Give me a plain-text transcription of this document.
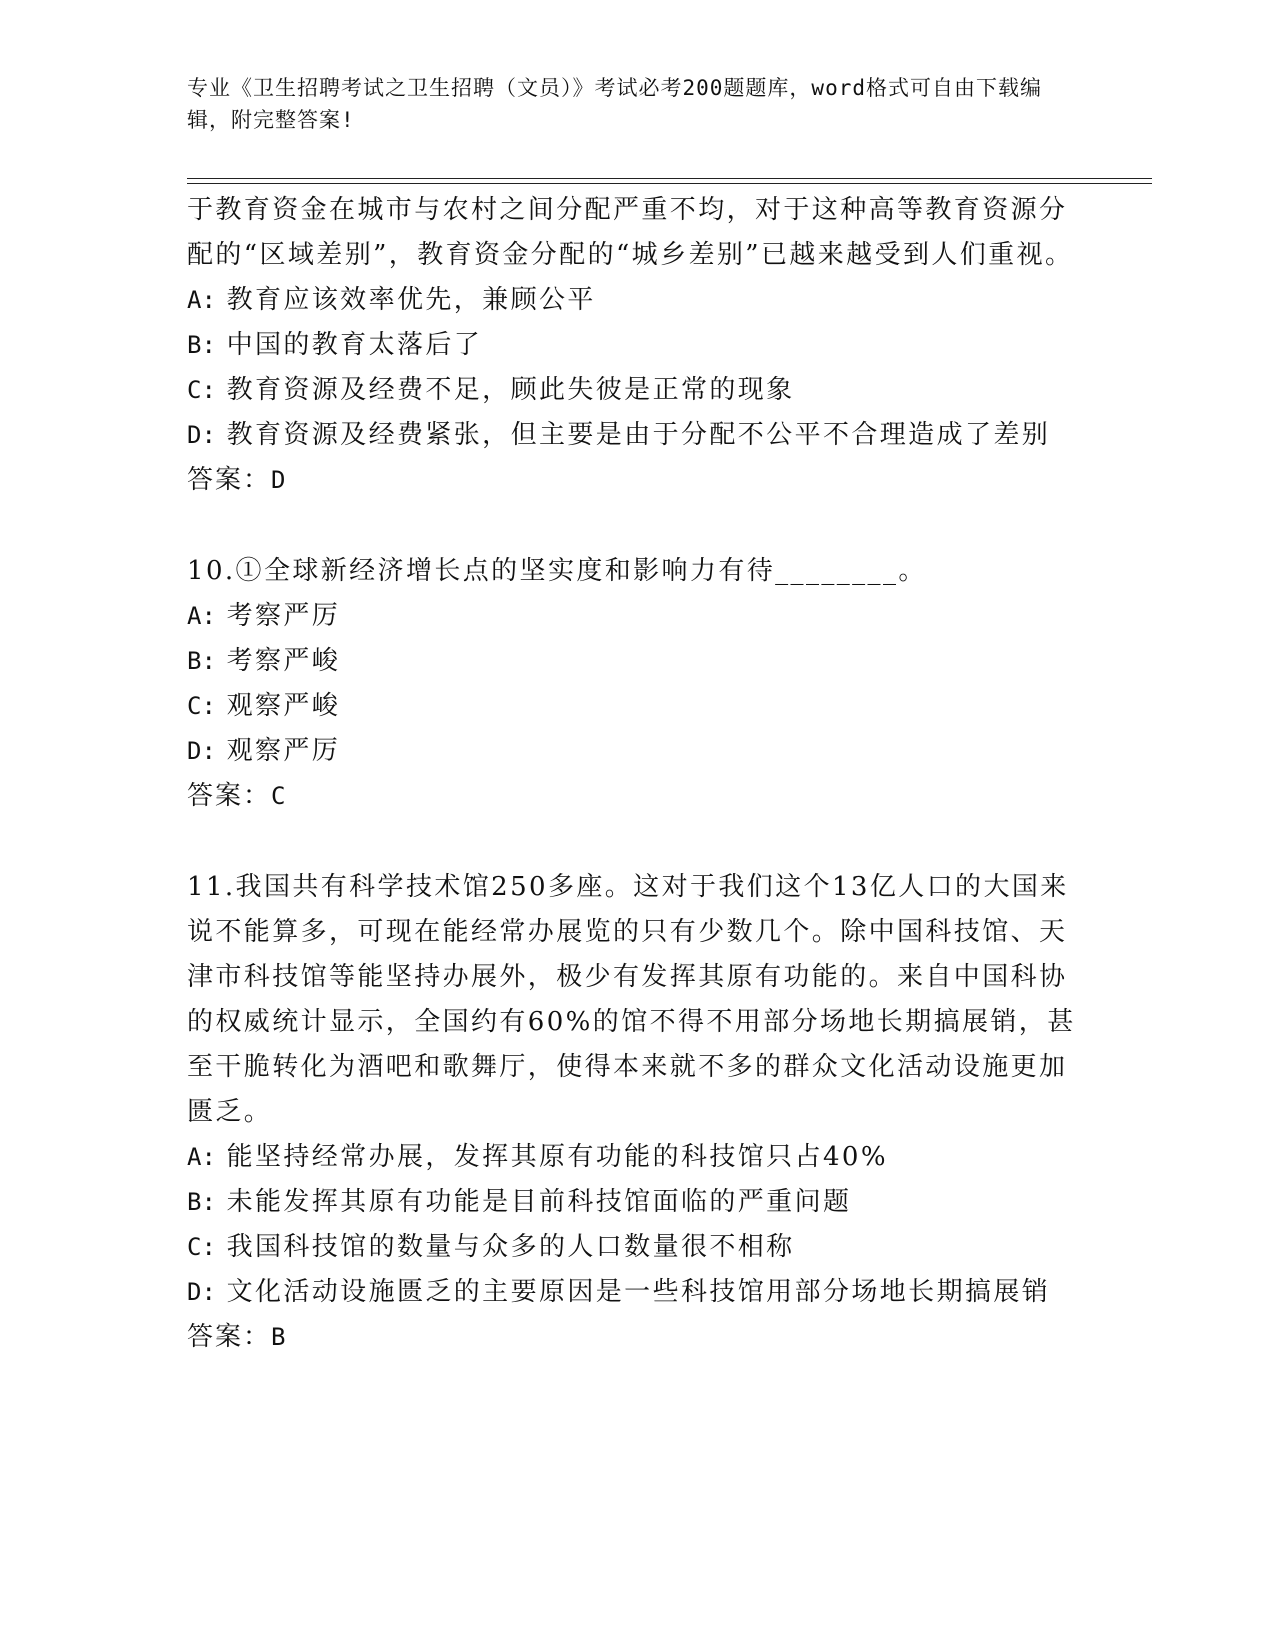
专业《卫生招聘考试之卫生招聘（文员）》考试必考200题题库，word格式可自由下载编辑，附完整答案!

于教育资金在城市与农村之间分配严重不均，对于这种高等教育资源分配的“区域差别”，教育资金分配的“城乡差别”已越来越受到人们重视。

A: 教育应该效率优先，兼顾公平

B: 中国的教育太落后了

C: 教育资源及经费不足，顾此失彼是正常的现象

D: 教育资源及经费紧张，但主要是由于分配不公平不合理造成了差别

答案：D

10.①全球新经济增长点的坚实度和影响力有待________。

A: 考察严厉

B: 考察严峻

C: 观察严峻

D: 观察严厉

答案：C

11.我国共有科学技术馆250多座。这对于我们这个13亿人口的大国来说不能算多，可现在能经常办展览的只有少数几个。除中国科技馆、天津市科技馆等能坚持办展外，极少有发挥其原有功能的。来自中国科协的权威统计显示，全国约有60%的馆不得不用部分场地长期搞展销，甚至干脆转化为酒吧和歌舞厅，使得本来就不多的群众文化活动设施更加匮乏。

A: 能坚持经常办展，发挥其原有功能的科技馆只占40%

B: 未能发挥其原有功能是目前科技馆面临的严重问题

C: 我国科技馆的数量与众多的人口数量很不相称

D: 文化活动设施匮乏的主要原因是一些科技馆用部分场地长期搞展销

答案：B
